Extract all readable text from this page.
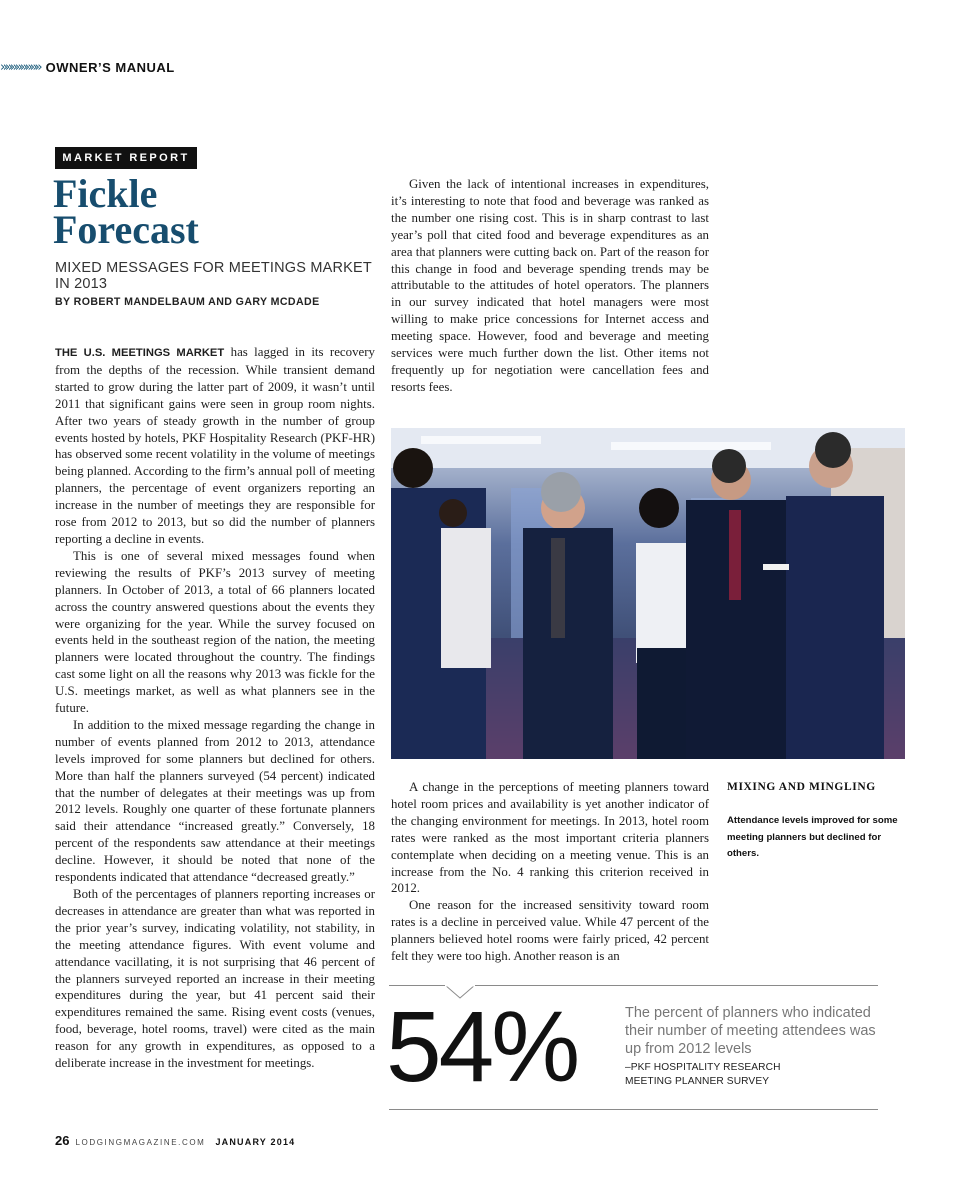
»»»»»»»» OWNER’S MANUAL
MARKET REPORT
Fickle
Forecast
MIXED MESSAGES FOR MEETINGS MARKET IN 2013
BY ROBERT MANDELBAUM AND GARY MCDADE

THE U.S. MEETINGS MARKET has lagged in its recovery from the depths of the recession. While transient demand started to grow during the latter part of 2009, it wasn’t until 2011 that significant gains were seen in group room nights. After two years of steady growth in the number of group events hosted by hotels, PKF Hospitality Research (PKF-HR) has observed some recent volatility in the volume of meetings being planned. According to the firm’s annual poll of meeting planners, the percentage of event organizers reporting an increase in the number of meetings they are responsible for rose from 2012 to 2013, but so did the number of planners reporting a decline in events.

This is one of several mixed messages found when reviewing the results of PKF’s 2013 survey of meeting planners. In October of 2013, a total of 66 planners located across the country answered questions about the events they were organizing for the year. While the survey focused on events held in the southeast region of the nation, the meeting planners were located throughout the country. The findings cast some light on all the reasons why 2013 was fickle for the U.S. meetings market, as well as what planners see in the future.

In addition to the mixed message regarding the change in number of events planned from 2012 to 2013, attendance levels improved for some planners but declined for others. More than half the planners surveyed (54 percent) indicated that the number of delegates at their meetings was up from 2012 levels. Roughly one quarter of these fortunate planners said their attendance “increased greatly.” Conversely, 18 percent of the respondents saw attendance at their meetings decline. However, it should be noted that none of the respondents indicated that attendance “decreased greatly.”

Both of the percentages of planners reporting increases or decreases in attendance are greater than what was reported in the prior year’s survey, indicating volatility, not stability, in the meeting attendance figures. With event volume and attendance vacillating, it is not surprising that 46 percent of the planners surveyed reported an increase in their meeting expenditures during the year, but 41 percent said their expenditures remained the same. Rising event costs (venues, food, beverage, hotel rooms, travel) were cited as the main reason for any growth in expenditures, as opposed to a deliberate increase in the investment for meetings.

Given the lack of intentional increases in expenditures, it’s interesting to note that food and beverage was ranked as the number one rising cost. This is in sharp contrast to last year’s poll that cited food and beverage expenditures as an area that planners were cutting back on. Part of the reason for this change in food and beverage spending trends may be attributable to the attitudes of hotel operators. The planners in our survey indicated that hotel managers were most willing to make price concessions for Internet access and meeting space. However, food and beverage and meeting services were much further down the list. Other items not frequently up for negotiation were cancellation fees and resorts fees.

A change in the perceptions of meeting planners toward hotel room prices and availability is yet another indicator of the changing environment for meetings. In 2013, hotel room rates were ranked as the most important criteria planners contemplate when deciding on a meeting venue. This is an increase from the No. 4 ranking this criterion received in 2012.

One reason for the increased sensitivity toward room rates is a decline in perceived value. While 47 percent of the planners believed hotel rooms were fairly priced, 42 percent felt they were too high. Another reason is an

MIXING AND MINGLING
Attendance levels improved for some meeting planners but declined for others.
54%	The percent of planners who indicated their number of meeting attendees was up from 2012 levels
–PKF HOSPITALITY RESEARCH
MEETING PLANNER SURVEY
26 LODGINGMAGAZINE.COM JANUARY 2014
